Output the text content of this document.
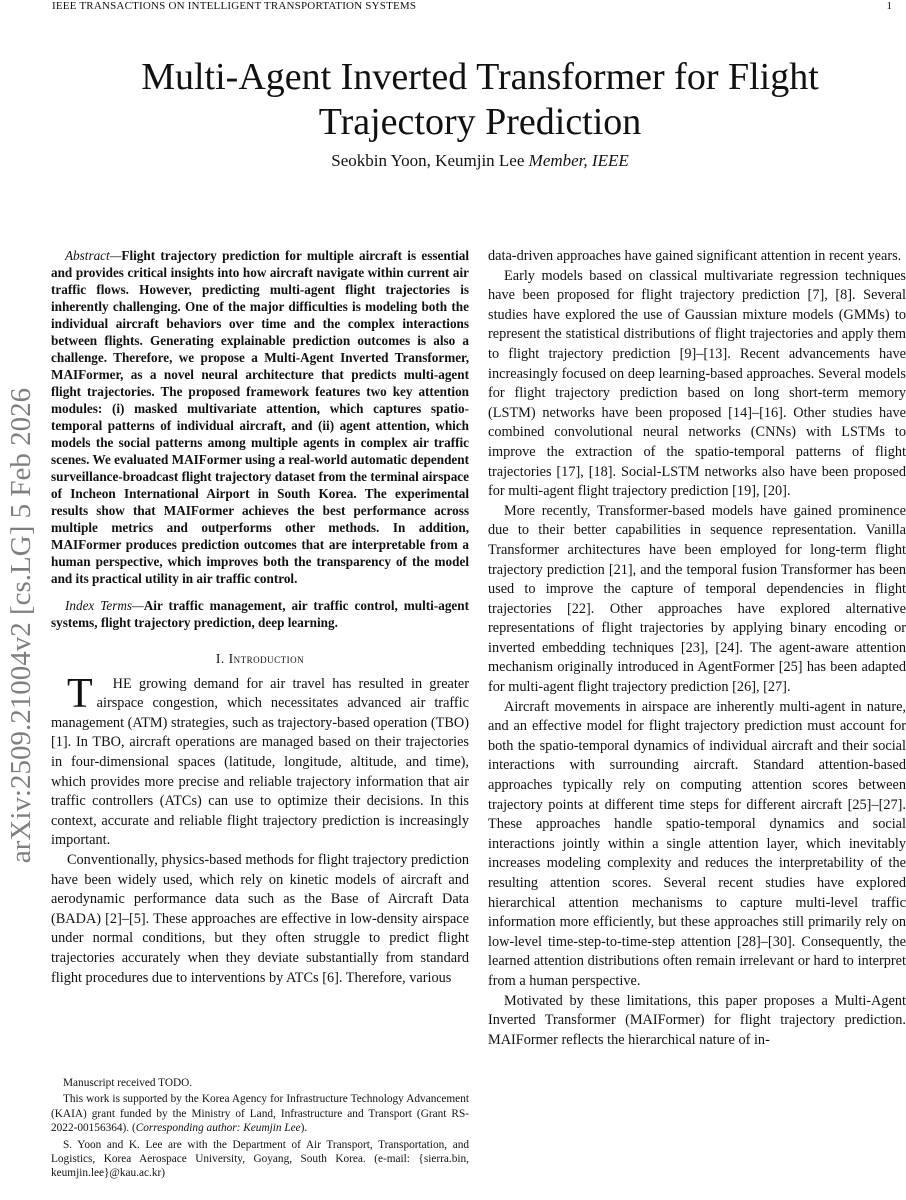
IEEE TRANSACTIONS ON INTELLIGENT TRANSPORTATION SYSTEMS	1
arXiv:2509.21004v2 [cs.LG] 5 Feb 2026
Multi-Agent Inverted Transformer for Flight
Trajectory Prediction
Seokbin Yoon, Keumjin Lee Member, IEEE

Abstract—Flight trajectory prediction for multiple aircraft is essential and provides critical insights into how aircraft navigate within current air traffic flows. However, predicting multi-agent flight trajectories is inherently challenging. One of the major difficulties is modeling both the individual aircraft behaviors over time and the complex interactions between flights. Generating explainable prediction outcomes is also a challenge. Therefore, we propose a Multi-Agent Inverted Transformer, MAIFormer, as a novel neural architecture that predicts multi-agent flight trajectories. The proposed framework features two key attention modules: (i) masked multivariate attention, which captures spatio-temporal patterns of individual aircraft, and (ii) agent attention, which models the social patterns among multiple agents in complex air traffic scenes. We evaluated MAIFormer using a real-world automatic dependent surveillance-broadcast flight trajectory dataset from the terminal airspace of Incheon International Airport in South Korea. The experimental results show that MAIFormer achieves the best performance across multiple metrics and outperforms other methods. In addition, MAIFormer produces prediction outcomes that are interpretable from a human perspective, which improves both the transparency of the model and its practical utility in air traffic control.

Index Terms—Air traffic management, air traffic control, multi-agent systems, flight trajectory prediction, deep learning.

I. Introduction

T HE growing demand for air travel has resulted in greater airspace congestion, which necessitates advanced air traffic management (ATM) strategies, such as trajectory-based operation (TBO) [1]. In TBO, aircraft operations are managed based on their trajectories in four-dimensional spaces (latitude, longitude, altitude, and time), which provides more precise and reliable trajectory information that air traffic controllers (ATCs) can use to optimize their decisions. In this context, accurate and reliable flight trajectory prediction is increasingly important.

Conventionally, physics-based methods for flight trajectory prediction have been widely used, which rely on kinetic models of aircraft and aerodynamic performance data such as the Base of Aircraft Data (BADA) [2]–[5]. These approaches are effective in low-density airspace under normal conditions, but they often struggle to predict flight trajectories accurately when they deviate substantially from standard flight procedures due to interventions by ATCs [6]. Therefore, various

data-driven approaches have gained significant attention in recent years.

Early models based on classical multivariate regression techniques have been proposed for flight trajectory prediction [7], [8]. Several studies have explored the use of Gaussian mixture models (GMMs) to represent the statistical distributions of flight trajectories and apply them to flight trajectory prediction [9]–[13]. Recent advancements have increasingly focused on deep learning-based approaches. Several models for flight trajectory prediction based on long short-term memory (LSTM) networks have been proposed [14]–[16]. Other studies have combined convolutional neural networks (CNNs) with LSTMs to improve the extraction of the spatio-temporal patterns of flight trajectories [17], [18]. Social-LSTM networks also have been proposed for multi-agent flight trajectory prediction [19], [20].

More recently, Transformer-based models have gained prominence due to their better capabilities in sequence representation. Vanilla Transformer architectures have been employed for long-term flight trajectory prediction [21], and the temporal fusion Transformer has been used to improve the capture of temporal dependencies in flight trajectories [22]. Other approaches have explored alternative representations of flight trajectories by applying binary encoding or inverted embedding techniques [23], [24]. The agent-aware attention mechanism originally introduced in AgentFormer [25] has been adapted for multi-agent flight trajectory prediction [26], [27].

Aircraft movements in airspace are inherently multi-agent in nature, and an effective model for flight trajectory prediction must account for both the spatio-temporal dynamics of individual aircraft and their social interactions with surrounding aircraft. Standard attention-based approaches typically rely on computing attention scores between trajectory points at different time steps for different aircraft [25]–[27]. These approaches handle spatio-temporal dynamics and social interactions jointly within a single attention layer, which inevitably increases modeling complexity and reduces the interpretability of the resulting attention scores. Several recent studies have explored hierarchical attention mechanisms to capture multi-level traffic information more efficiently, but these approaches still primarily rely on low-level time-step-to-time-step attention [28]–[30]. Consequently, the learned attention distributions often remain irrelevant or hard to interpret from a human perspective.

Motivated by these limitations, this paper proposes a Multi-Agent Inverted Transformer (MAIFormer) for flight trajectory prediction. MAIFormer reflects the hierarchical nature of in-

Manuscript received TODO.

This work is supported by the Korea Agency for Infrastructure Technology Advancement (KAIA) grant funded by the Ministry of Land, Infrastructure and Transport (Grant RS-2022-00156364). (Corresponding author: Keumjin Lee).

S. Yoon and K. Lee are with the Department of Air Transport, Transportation, and Logistics, Korea Aerospace University, Goyang, South Korea. (e-mail: {sierra.bin, keumjin.lee}@kau.ac.kr)
